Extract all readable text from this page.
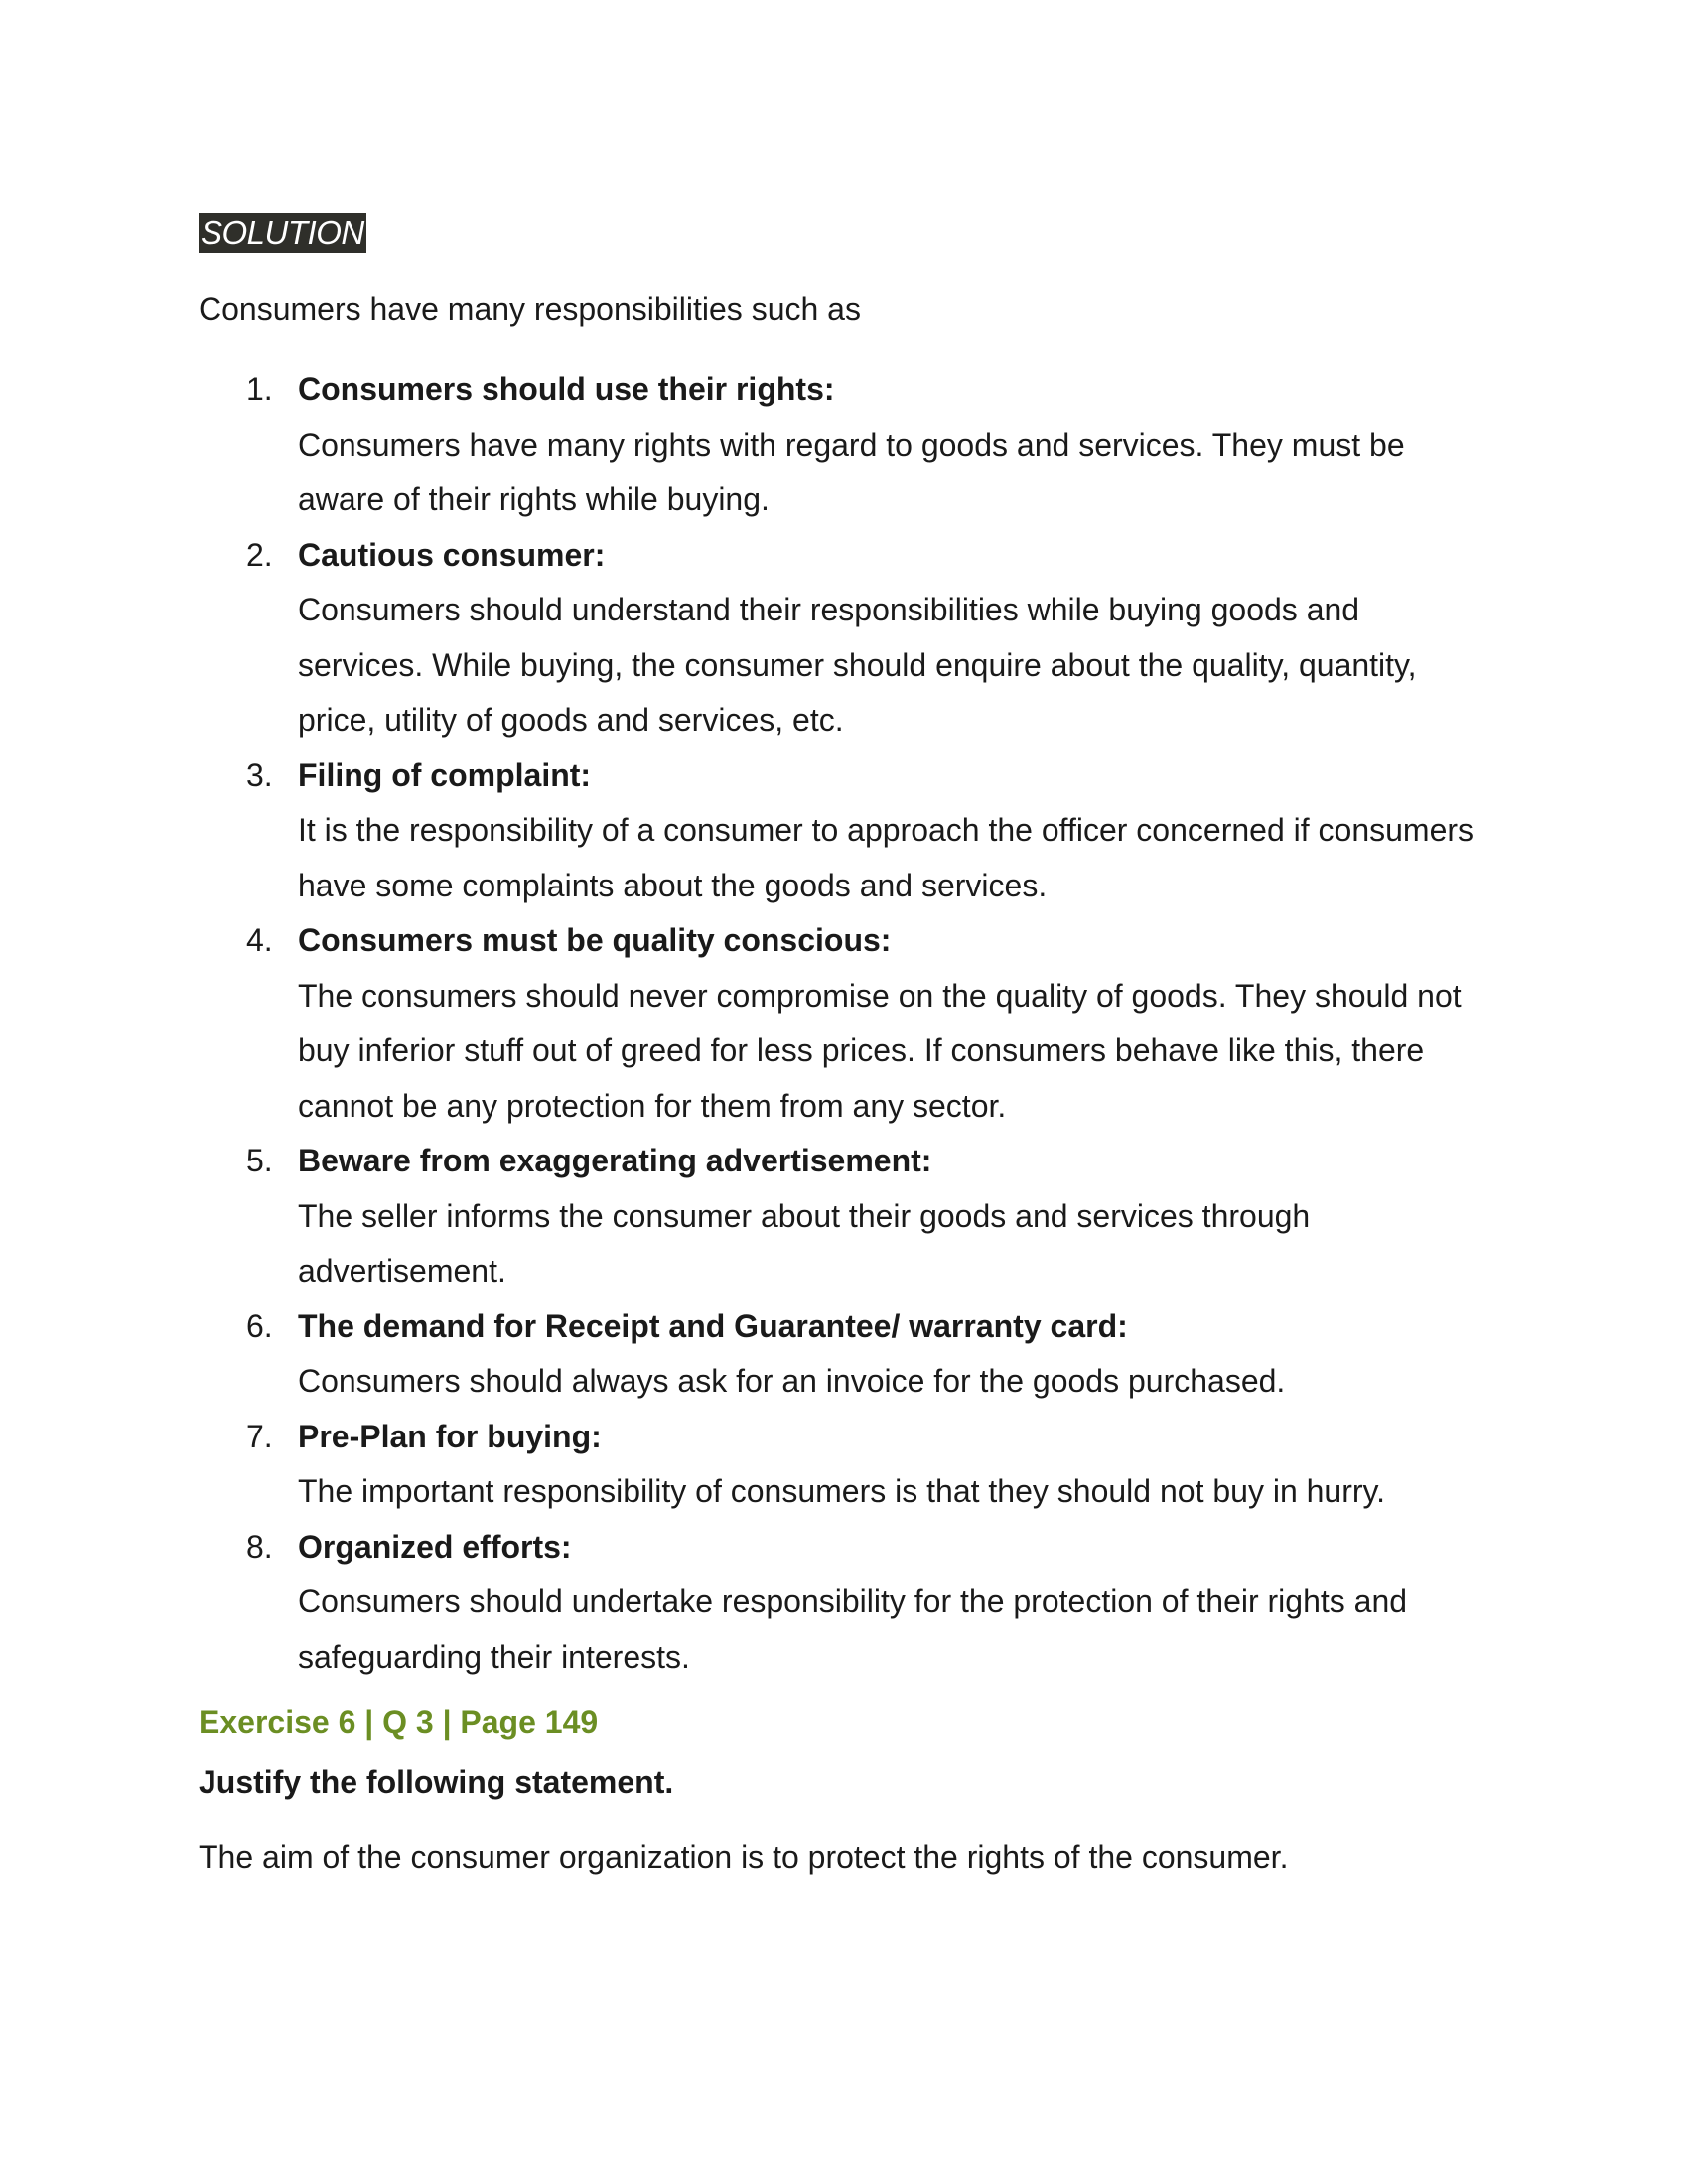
SOLUTION
Consumers have many responsibilities such as
1. Consumers should use their rights:
Consumers have many rights with regard to goods and services. They must be aware of their rights while buying.
2. Cautious consumer:
Consumers should understand their responsibilities while buying goods and services. While buying, the consumer should enquire about the quality, quantity, price, utility of goods and services, etc.
3. Filing of complaint:
It is the responsibility of a consumer to approach the officer concerned if consumers have some complaints about the goods and services.
4. Consumers must be quality conscious:
The consumers should never compromise on the quality of goods. They should not buy inferior stuff out of greed for less prices. If consumers behave like this, there cannot be any protection for them from any sector.
5. Beware from exaggerating advertisement:
The seller informs the consumer about their goods and services through advertisement.
6. The demand for Receipt and Guarantee/ warranty card:
Consumers should always ask for an invoice for the goods purchased.
7. Pre-Plan for buying:
The important responsibility of consumers is that they should not buy in hurry.
8. Organized efforts:
Consumers should undertake responsibility for the protection of their rights and safeguarding their interests.
Exercise 6 | Q 3 | Page 149
Justify the following statement.
The aim of the consumer organization is to protect the rights of the consumer.
